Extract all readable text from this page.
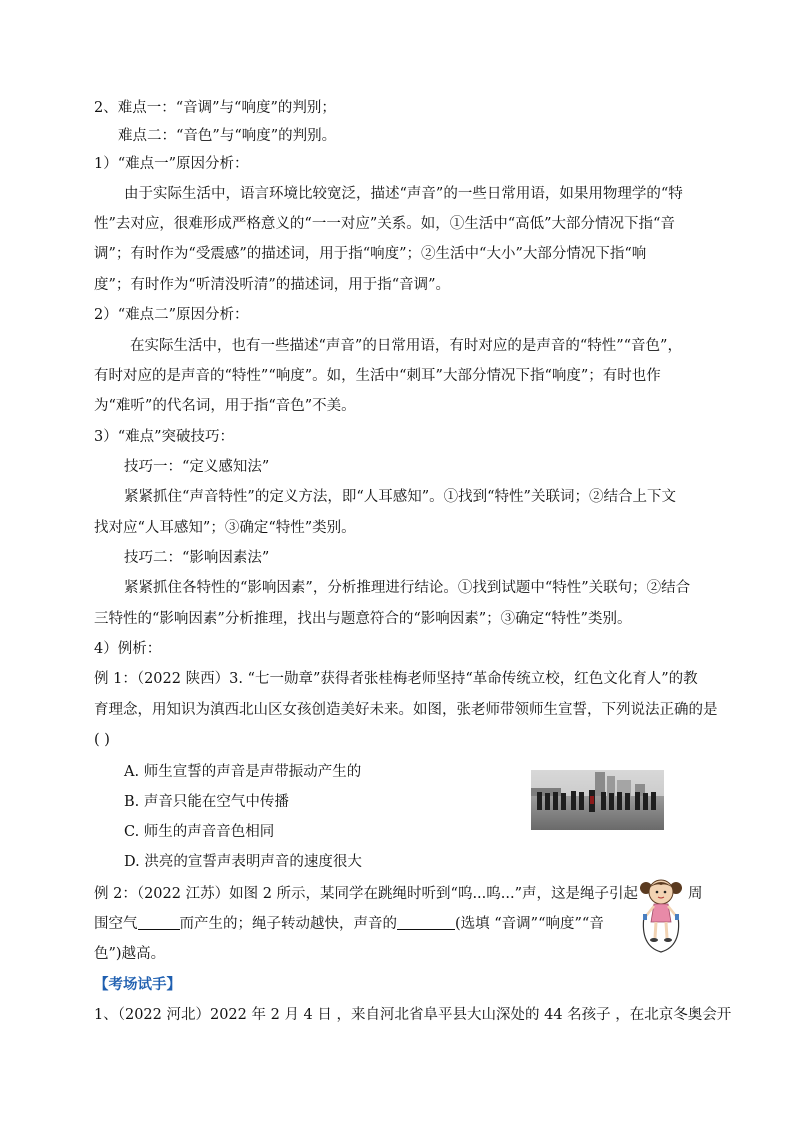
2、难点一：“音调”与“响度”的判别；
难点二：“音色”与“响度”的判别。
1）“难点一”原因分析：
由于实际生活中，语言环境比较宽泛，描述“声音”的一些日常用语，如果用物理学的“特
性”去对应，很难形成严格意义的“一一对应”关系。如，①生活中“高低”大部分情况下指“音
调”；有时作为“受震感”的描述词，用于指“响度”；②生活中“大小”大部分情况下指“响
度”；有时作为“听清没听清”的描述词，用于指“音调”。
2）“难点二”原因分析：
在实际生活中，也有一些描述“声音”的日常用语，有时对应的是声音的“特性”“音色”，
有时对应的是声音的“特性”“响度”。如，生活中“刺耳”大部分情况下指“响度”；有时也作
为“难听”的代名词，用于指“音色”不美。
3）“难点”突破技巧：
技巧一：“定义感知法”
紧紧抓住“声音特性”的定义方法，即“人耳感知”。①找到“特性”关联词；②结合上下文
找对应“人耳感知”；③确定“特性”类别。
技巧二：“影响因素法”
紧紧抓住各特性的“影响因素”，分析推理进行结论。①找到试题中“特性”关联句；②结合
三特性的“影响因素”分析推理，找出与题意符合的“影响因素”；③确定“特性”类别。
4）例析：
例 1：（2022 陕西）3. “七一勋章”获得者张桂梅老师坚持“革命传统立校，红色文化育人”的教
育理念，用知识为滇西北山区女孩创造美好未来。如图，张老师带领师生宣誓，下列说法正确的是
( )
A. 师生宣誓的声音是声带振动产生的
B. 声音只能在空气中传播
C. 师生的声音音色相同
D. 洪亮的宣誓声表明声音的速度很大
例 2：（2022 江苏）如图 2 所示，某同学在跳绳时听到“呜...呜...”声，这是绳子引起	周
围空气	而产生的；绳子转动越快，声音的	(选填 “音调”“响度”“音
色”)越高。
【考场试手】
1、（2022 河北）2022 年 2 月 4 日 ，来自河北省阜平县大山深处的 44 名孩子 ，在北京冬奥会开
